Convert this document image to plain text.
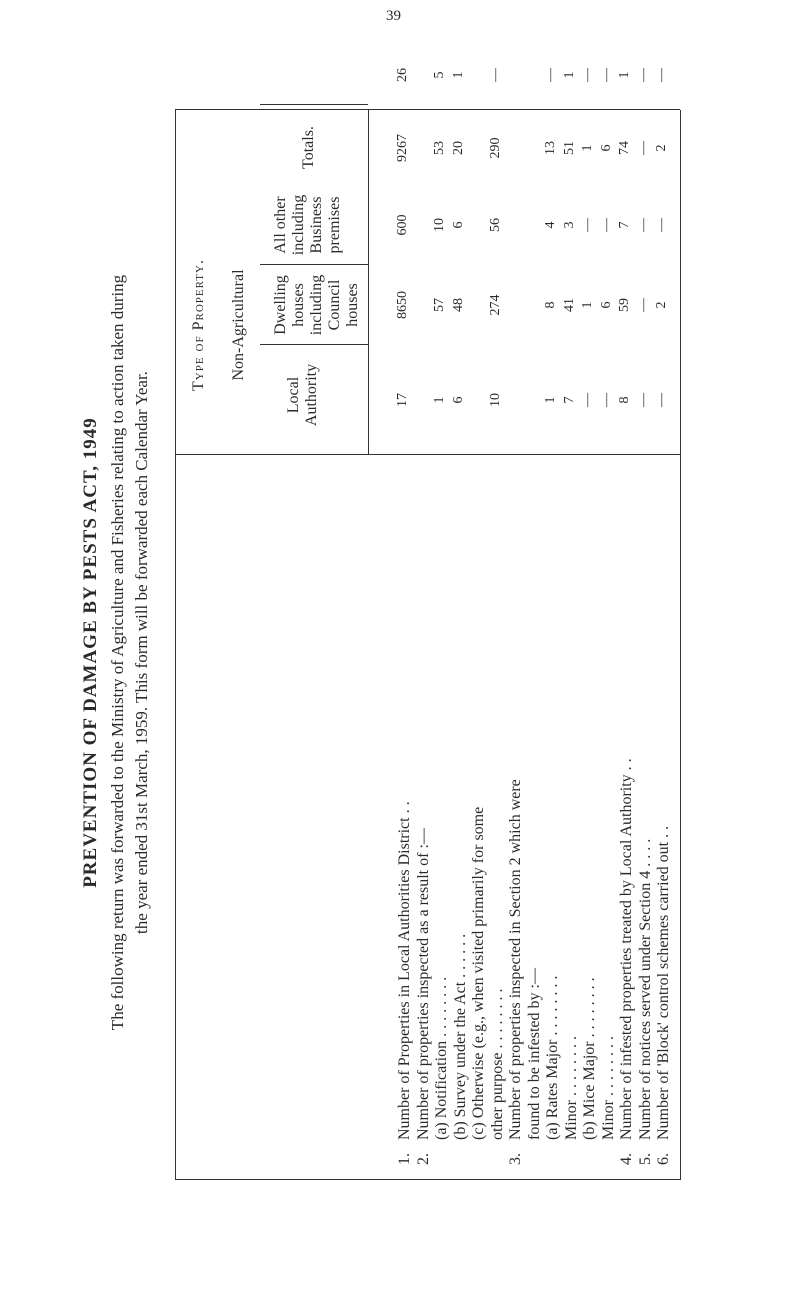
39
PREVENTION OF DAMAGE BY PESTS ACT, 1949 The following return was forwarded to the Ministry of Agriculture and Fisheries relating to action taken during the year ended 31st March, 1959. This form will be forwarded each Calendar Year.
Type of Property. Non-Agricultural
Local Authority
Dwelling houses including Council houses
All other including Business premises
Totals.
1.
Number of Properties in Local Authorities District . .
17
8650
600
9267
26
2.
Number of properties inspected as a result of :— (a) Notification . . . . . . . .
1
57
10
53
5
(b) Survey under the Act . . . . . .
6
48
6
20
1
(c) Otherwise (e.g., when visited primarily for some other purpose . . . . . . . .
10
274
56
290
—
3.
Number of properties inspected in Section 2 which were found to be infested by :— (a) Rates Major . . . . . . . .
1
8
4
13
—
Minor . . . . . . . .
7
41
3
51
1
(b) Mice Major . . . . . . . .
—
1
—
1
—
Minor . . . . . . . .
—
6
—
6
—
4.
Number of infested properties treated by Local Authority . .
8
59
7
74
1
5.
Number of notices served under Section 4 . . . .
—
—
—
—
—
6.
Number of 'Block' control schemes carried out . .
—
2
—
2
—
